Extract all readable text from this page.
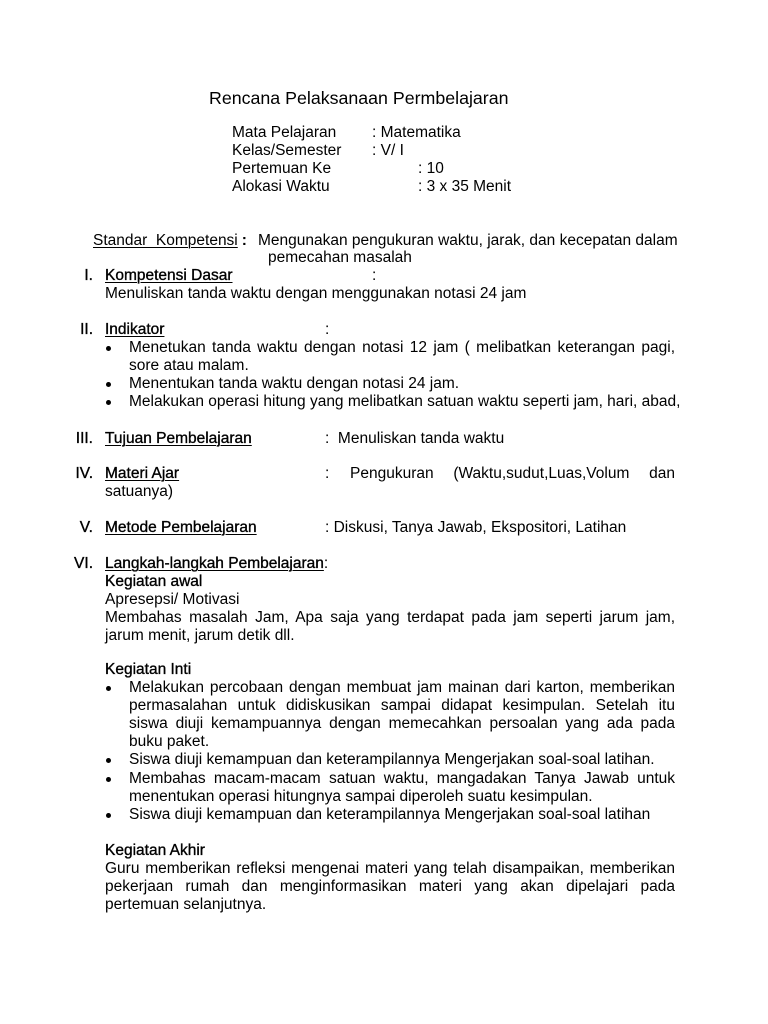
Rencana Pelaksanaan Permbelajaran
Mata Pelajaran : Matematika
Kelas/Semester : V/ I
Pertemuan Ke	: 10
Alokasi Waktu	: 3 x 35 Menit
Standar  Kompetensi : Mengunakan pengukuran waktu, jarak, dan kecepatan dalam
pemecahan masalah
I. Kompetensi Dasar	:
Menuliskan tanda waktu dengan menggunakan notasi 24 jam
II. Indikator	:
Menetukan tanda waktu dengan notasi 12 jam ( melibatkan keterangan pagi,
sore atau malam.
Menentukan tanda waktu dengan notasi 24 jam.
Melakukan operasi hitung yang melibatkan satuan waktu seperti jam, hari, abad,
III. Tujuan Pembelajaran	:  Menuliskan tanda waktu
IV. Materi Ajar	: Pengukuran (Waktu,sudut,Luas,Volum dan
satuanya)
V. Metode Pembelajaran	: Diskusi, Tanya Jawab, Ekspositori, Latihan
VI. Langkah-langkah Pembelajaran:
Kegiatan awal
Apresepsi/ Motivasi
Membahas masalah Jam, Apa saja yang terdapat pada jam seperti jarum jam,
jarum menit, jarum detik dll.
Kegiatan Inti
Melakukan percobaan dengan membuat jam mainan dari karton, memberikan
permasalahan untuk didiskusikan sampai didapat kesimpulan. Setelah itu
siswa diuji kemampuannya dengan memecahkan persoalan yang ada pada
buku paket.
Siswa diuji kemampuan dan keterampilannya Mengerjakan soal-soal latihan.
Membahas macam-macam satuan waktu, mangadakan Tanya Jawab untuk
menentukan operasi hitungnya sampai diperoleh suatu kesimpulan.
Siswa diuji kemampuan dan keterampilannya Mengerjakan soal-soal latihan
Kegiatan Akhir
Guru memberikan refleksi mengenai materi yang telah disampaikan, memberikan
pekerjaan rumah dan menginformasikan materi yang akan dipelajari pada
pertemuan selanjutnya.
